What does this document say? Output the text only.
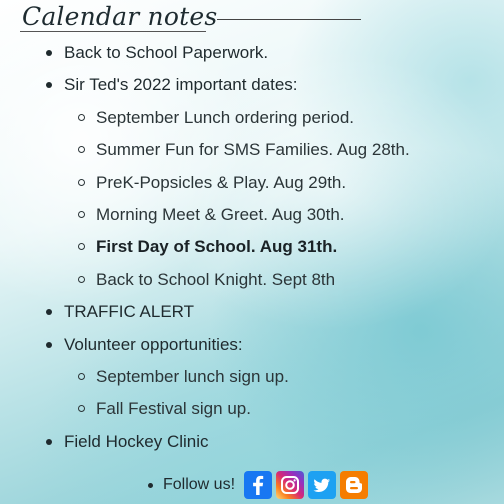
Calendar notes
Back to School Paperwork.
Sir Ted's 2022 important dates:
September Lunch ordering period.
Summer Fun for SMS Families. Aug 28th.
PreK-Popsicles & Play. Aug 29th.
Morning Meet & Greet. Aug 30th.
First Day of School. Aug 31th.
Back to School Knight. Sept 8th
TRAFFIC ALERT
Volunteer opportunities:
September lunch sign up.
Fall Festival sign up.
Field Hockey Clinic
Follow us!
